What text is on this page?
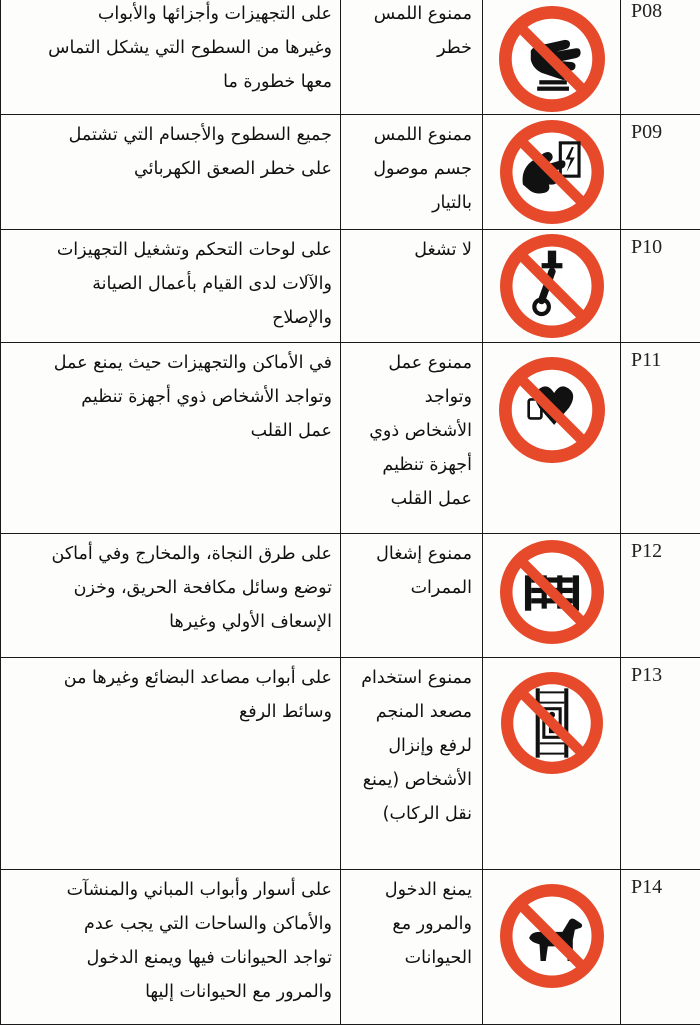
على التجهيزات وأجزائها والأبواب
وغيرها من السطوح التي يشكل التماس
معها خطورة ما	ممنوع اللمس
خطر		P08

جميع السطوح والأجسام التي تشتمل
على خطر الصعق الكهربائي	ممنوع اللمس
جسم موصول
بالتيار		P09

على لوحات التحكم وتشغيل التجهيزات
والآلات لدى القيام بأعمال الصيانة
والإصلاح	لا تشغل		P10

في الأماكن والتجهيزات حيث يمنع عمل
وتواجد الأشخاص ذوي أجهزة تنظيم
عمل القلب	ممنوع عمل
وتواجد
الأشخاص ذوي
أجهزة تنظيم
عمل القلب		P11

على طرق النجاة، والمخارج وفي أماكن
توضع وسائل مكافحة الحريق، وخزن
الإسعاف الأولي وغيرها	ممنوع إشغال
الممرات		P12

على أبواب مصاعد البضائع وغيرها من
وسائط الرفع	ممنوع استخدام
مصعد المنجم
لرفع وإنزال
الأشخاص (يمنع
نقل الركاب)		P13

على أسوار وأبواب المباني والمنشآت
والأماكن والساحات التي يجب عدم
تواجد الحيوانات فيها ويمنع الدخول
والمرور مع الحيوانات إليها	يمنع الدخول
والمرور مع
الحيوانات		P14
